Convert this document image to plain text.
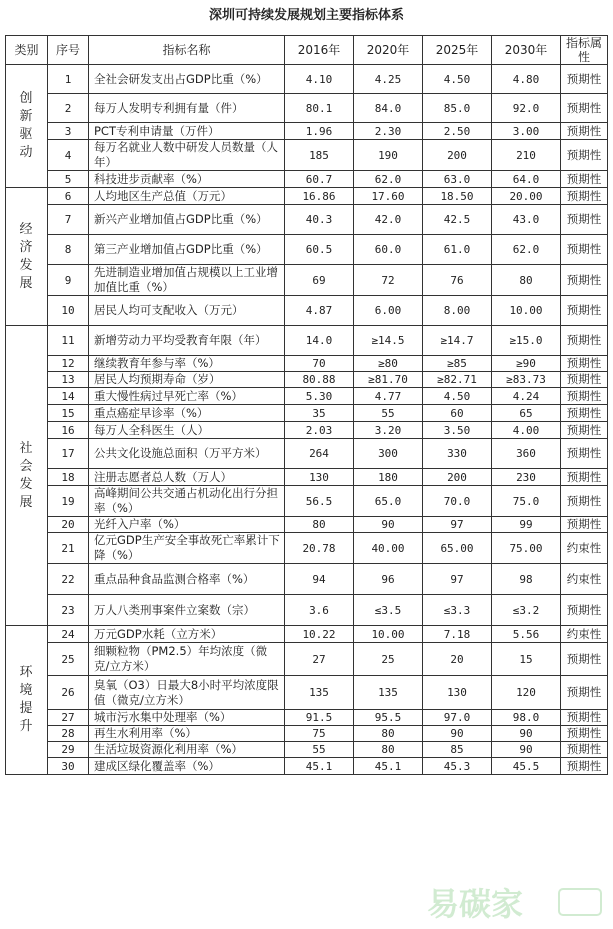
深圳可持续发展规划主要指标体系
类别	序号	指标名称	2016年	2020年	2025年	2030年	指标属性

创新驱动	1	全社会研发支出占GDP比重（%）	4.10	4.25	4.50	4.80	预期性
	2	每万人发明专利拥有量（件）	80.1	84.0	85.0	92.0	预期性
	3	PCT专利申请量（万件）	1.96	2.30	2.50	3.00	预期性
	4	每万名就业人数中研发人员数量（人年）	185	190	200	210	预期性
	5	科技进步贡献率（%）	60.7	62.0	63.0	64.0	预期性

经济发展	6	人均地区生产总值（万元）	16.86	17.60	18.50	20.00	预期性
	7	新兴产业增加值占GDP比重（%）	40.3	42.0	42.5	43.0	预期性
	8	第三产业增加值占GDP比重（%）	60.5	60.0	61.0	62.0	预期性
	9	先进制造业增加值占规模以上工业增加值比重（%）	69	72	76	80	预期性
	10	居民人均可支配收入（万元）	4.87	6.00	8.00	10.00	预期性

社会发展	11	新增劳动力平均受教育年限（年）	14.0	≥14.5	≥14.7	≥15.0	预期性
	12	继续教育年参与率（%）	70	≥80	≥85	≥90	预期性
	13	居民人均预期寿命（岁）	80.88	≥81.70	≥82.71	≥83.73	预期性
	14	重大慢性病过早死亡率（%）	5.30	4.77	4.50	4.24	预期性
	15	重点癌症早诊率（%）	35	55	60	65	预期性
	16	每万人全科医生（人）	2.03	3.20	3.50	4.00	预期性
	17	公共文化设施总面积（万平方米）	264	300	330	360	预期性
	18	注册志愿者总人数（万人）	130	180	200	230	预期性
	19	高峰期间公共交通占机动化出行分担率（%）	56.5	65.0	70.0	75.0	预期性
	20	光纤入户率（%）	80	90	97	99	预期性
	21	亿元GDP生产安全事故死亡率累计下降（%）	20.78	40.00	65.00	75.00	约束性
	22	重点品种食品监测合格率（%）	94	96	97	98	约束性
	23	万人八类刑事案件立案数（宗）	3.6	≤3.5	≤3.3	≤3.2	预期性

环境提升	24	万元GDP水耗（立方米）	10.22	10.00	7.18	5.56	约束性
	25	细颗粒物（PM2.5）年均浓度（微克/立方米）	27	25	20	15	预期性
	26	臭氧（O3）日最大8小时平均浓度限值（微克/立方米）	135	135	130	120	预期性
	27	城市污水集中处理率（%）	91.5	95.5	97.0	98.0	预期性
	28	再生水利用率（%）	75	80	90	90	预期性
	29	生活垃圾资源化利用率（%）	55	80	85	90	预期性
	30	建成区绿化覆盖率（%）	45.1	45.1	45.3	45.5	预期性
易碳家
